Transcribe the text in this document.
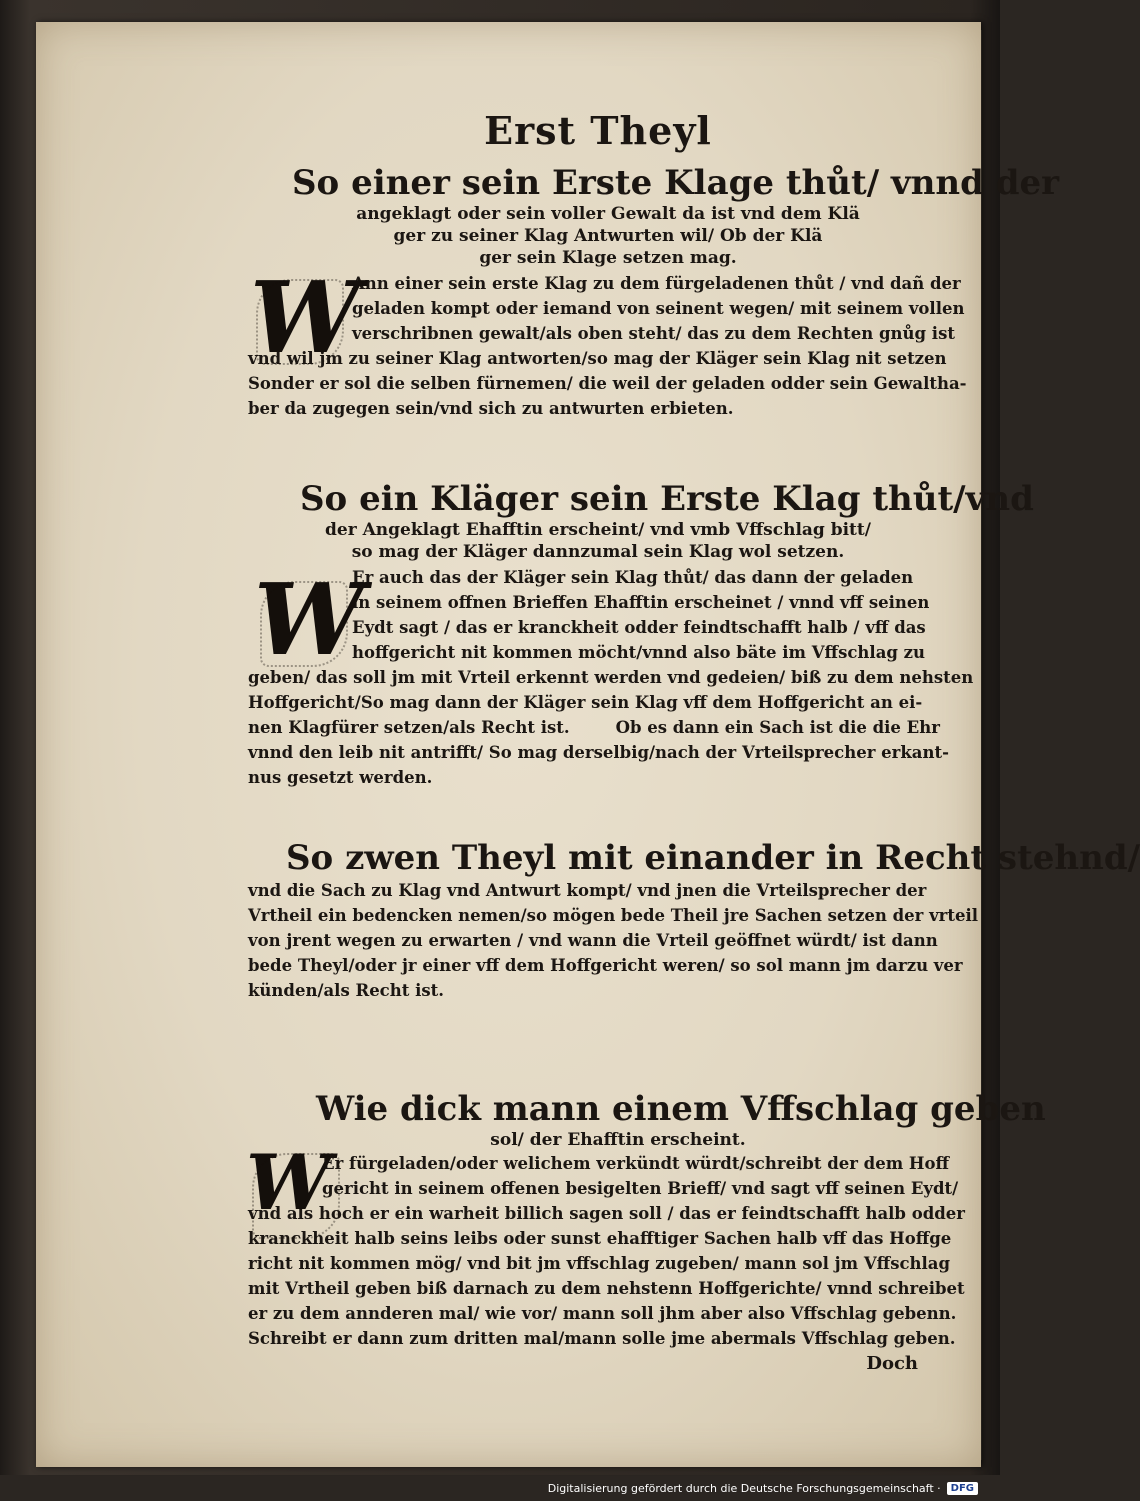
Erst Theyl
So einer sein Erste Klage thůt/ vnnd der
angeklagt oder sein voller Gewalt da ist vnd dem Klä
ger zu seiner Klag Antwurten wil/ Ob der Klä
ger sein Klage setzen mag.
W
Ann einer sein erste Klag zu dem fürgeladenen thůt / vnd dañ der
geladen kompt oder iemand von seinent wegen/ mit seinem vollen
verschribnen gewalt/als oben steht/ das zu dem Rechten gnůg ist
vnd wil jm zu seiner Klag antworten/so mag der Kläger sein Klag nit setzen
Sonder er sol die selben fürnemen/ die weil der geladen odder sein Gewaltha-
ber da zugegen sein/vnd sich zu antwurten erbieten.
So ein Kläger sein Erste Klag thůt/vnd
der Angeklagt Ehafftin erscheint/ vnd vmb Vffschlag bitt/
so mag der Kläger dannzumal sein Klag wol setzen.
W
Er auch das der Kläger sein Klag thůt/ das dann der geladen
in seinem offnen Brieffen Ehafftin erscheinet / vnnd vff seinen
Eydt sagt / das er kranckheit odder feindtschafft halb / vff das
hoffgericht nit kommen möcht/vnnd also bäte im Vffschlag zu
geben/ das soll jm mit Vrteil erkennt werden vnd gedeien/ biß zu dem nehsten
Hoffgericht/So mag dann der Kläger sein Klag vff dem Hoffgericht an ei-
nen Klagfürer setzen/als Recht ist.        Ob es dann ein Sach ist die die Ehr
vnnd den leib nit antrifft/ So mag derselbig/nach der Vrteilsprecher erkant-
nus gesetzt werden.
So zwen Theyl mit einander in Recht stehnd/
vnd die Sach zu Klag vnd Antwurt kompt/ vnd jnen die Vrteilsprecher der
Vrtheil ein bedencken nemen/so mögen bede Theil jre Sachen setzen der vrteil
von jrent wegen zu erwarten / vnd wann die Vrteil geöffnet würdt/ ist dann
bede Theyl/oder jr einer vff dem Hoffgericht weren/ so sol mann jm darzu ver
künden/als Recht ist.
Wie dick mann einem Vffschlag geben
sol/ der Ehafftin erscheint.
W
Er fürgeladen/oder welichem verkündt würdt/schreibt der dem Hoff
gericht in seinem offenen besigelten Brieff/ vnd sagt vff seinen Eydt/
vnd als hoch er ein warheit billich sagen soll / das er feindtschafft halb odder
kranckheit halb seins leibs oder sunst ehafftiger Sachen halb vff das Hoffge
richt nit kommen mög/ vnd bit jm vffschlag zugeben/ mann sol jm Vffschlag
mit Vrtheil geben biß darnach zu dem nehstenn Hoffgerichte/ vnnd schreibet
er zu dem annderen mal/ wie vor/ mann soll jhm aber also Vffschlag gebenn.
Schreibt er dann zum dritten mal/mann solle jme abermals Vffschlag geben.
Doch
Digitalisierung gefördert durch die Deutsche Forschungsgemeinschaft ·	DFG
